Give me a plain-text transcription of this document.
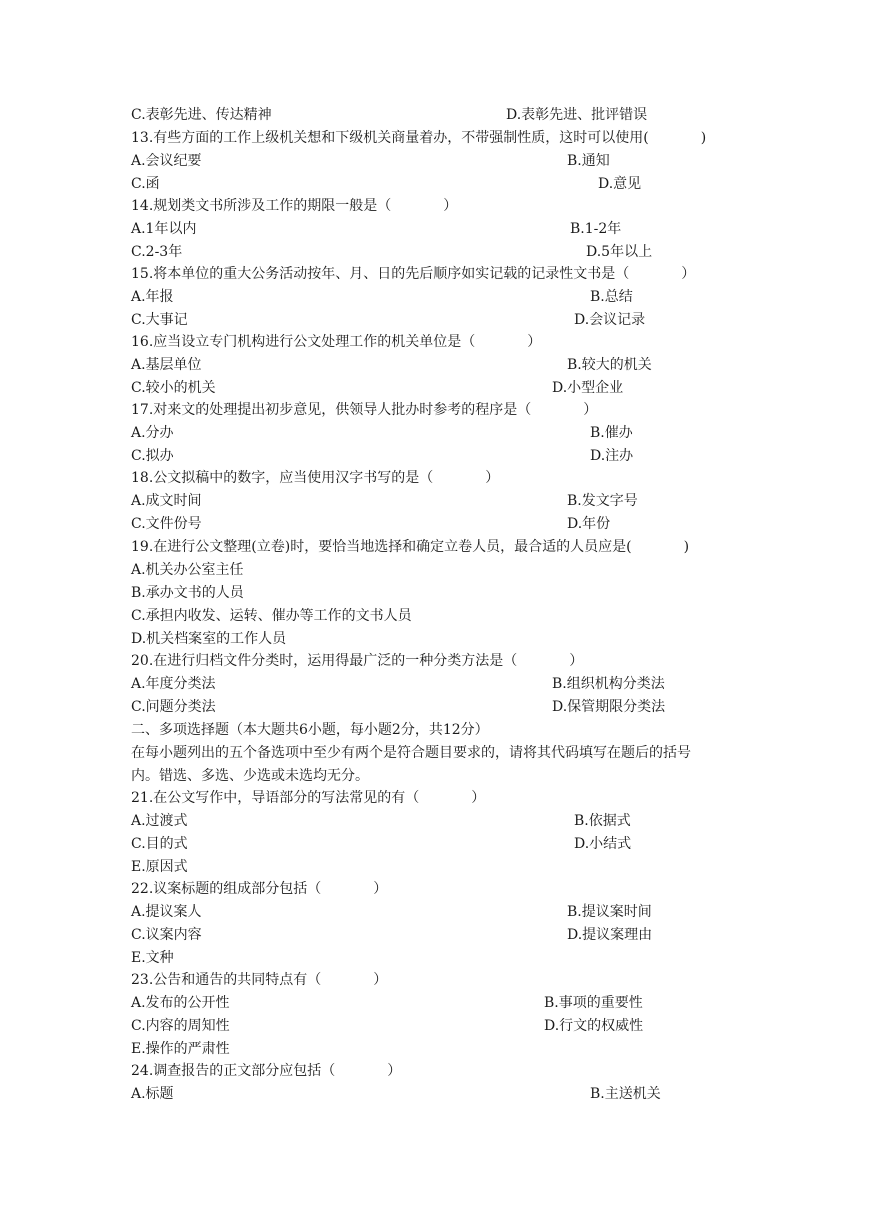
C.表彰先进、传达精神	D.表彰先进、批评错误
13.有些方面的工作上级机关想和下级机关商量着办，不带强制性质，这时可以使用(	)
A.会议纪要	B.通知
C.函	D.意见
14.规划类文书所涉及工作的期限一般是（	）
A.1年以内	B.1-2年
C.2-3年	D.5年以上
15.将本单位的重大公务活动按年、月、日的先后顺序如实记载的记录性文书是（	）
A.年报	B.总结
C.大事记	D.会议记录
16.应当设立专门机构进行公文处理工作的机关单位是（	）
A.基层单位	B.较大的机关
C.较小的机关	D.小型企业
17.对来文的处理提出初步意见，供领导人批办时参考的程序是（	）
A.分办	B.催办
C.拟办	D.注办
18.公文拟稿中的数字，应当使用汉字书写的是（	）
A.成文时间	B.发文字号
C.文件份号	D.年份
19.在进行公文整理(立卷)时，要恰当地选择和确定立卷人员，最合适的人员应是(	)
A.机关办公室主任
B.承办文书的人员
C.承担内收发、运转、催办等工作的文书人员
D.机关档案室的工作人员
20.在进行归档文件分类时，运用得最广泛的一种分类方法是（	）
A.年度分类法	B.组织机构分类法
C.问题分类法	D.保管期限分类法
二、多项选择题（本大题共6小题，每小题2分，共12分）
在每小题列出的五个备选项中至少有两个是符合题目要求的，请将其代码填写在题后的括号
内。错选、多选、少选或未选均无分。
21.在公文写作中，导语部分的写法常见的有（	）
A.过渡式	B.依据式
C.目的式	D.小结式
E.原因式
22.议案标题的组成部分包括（	）
A.提议案人	B.提议案时间
C.议案内容	D.提议案理由
E.文种
23.公告和通告的共同特点有（	）
A.发布的公开性	B.事项的重要性
C.内容的周知性	D.行文的权威性
E.操作的严肃性
24.调查报告的正文部分应包括（	）
A.标题	B.主送机关
